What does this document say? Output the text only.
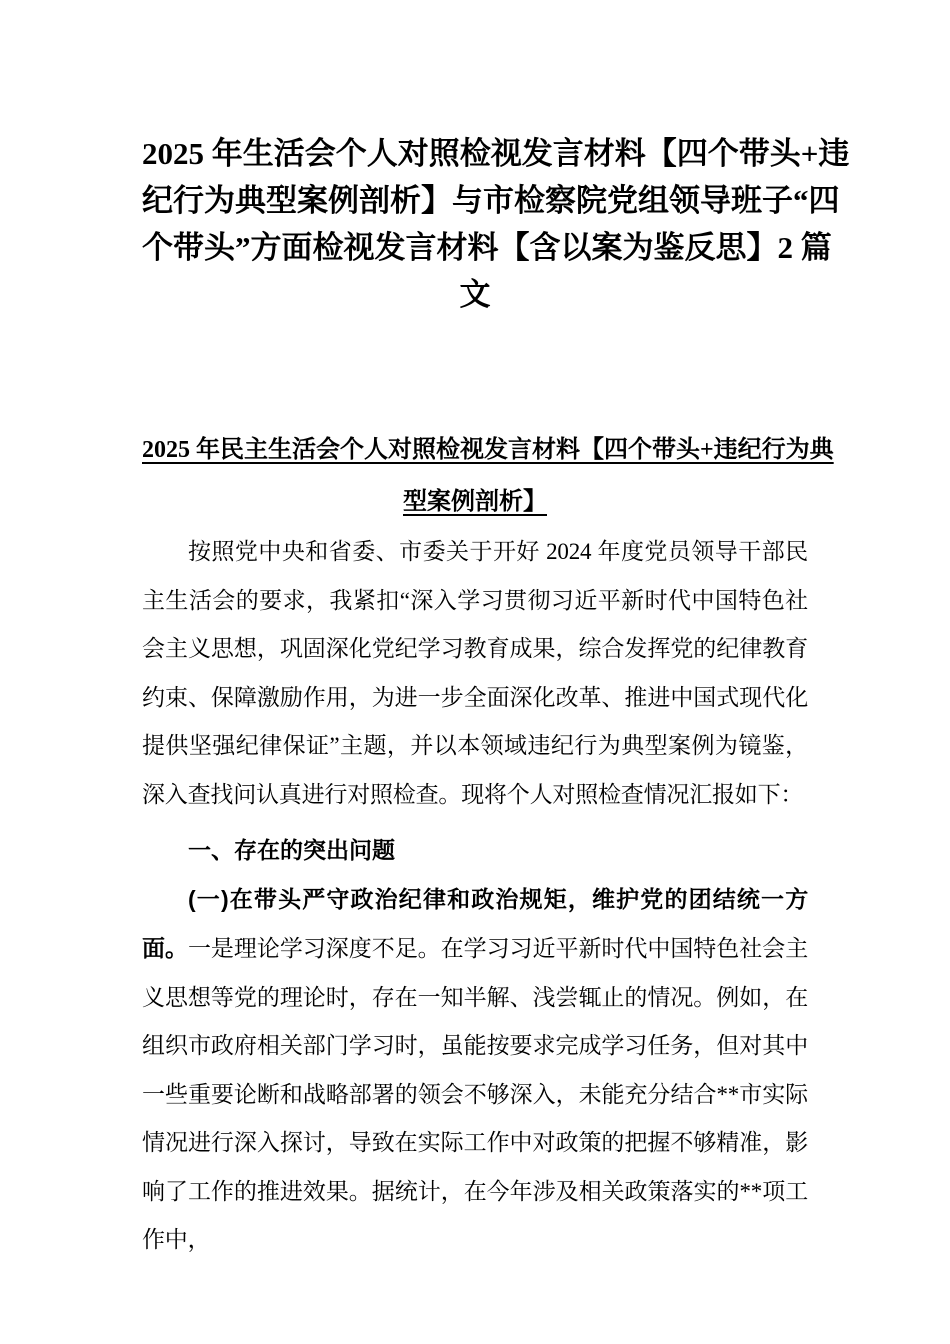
2025 年生活会个人对照检视发言材料【四个带头+违
纪行为典型案例剖析】与市检察院党组领导班子“四
个带头”方面检视发言材料【含以案为鉴反思】2 篇
文
2025 年民主生活会个人对照检视发言材料【四个带头+违纪行为典
型案例剖析】

按照党中央和省委、市委关于开好 2024 年度党员领导干部民主生活会的要求，我紧扣“深入学习贯彻习近平新时代中国特色社会主义思想，巩固深化党纪学习教育成果，综合发挥党的纪律教育约束、保障激励作用，为进一步全面深化改革、推进中国式现代化提供坚强纪律保证”主题，并以本领域违纪行为典型案例为镜鉴，深入查找问认真进行对照检查。现将个人对照检查情况汇报如下：

一、存在的突出问题

(一)在带头严守政治纪律和政治规矩，维护党的团结统一方面。一是理论学习深度不足。在学习习近平新时代中国特色社会主义思想等党的理论时，存在一知半解、浅尝辄止的情况。例如，在组织市政府相关部门学习时，虽能按要求完成学习任务，但对其中一些重要论断和战略部署的领会不够深入，未能充分结合**市实际情况进行深入探讨，导致在实际工作中对政策的把握不够精准，影响了工作的推进效果。据统计，在今年涉及相关政策落实的**项工作中，
